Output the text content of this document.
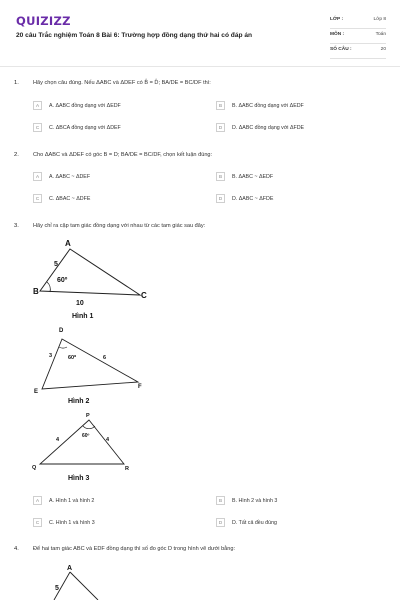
QUIZIZZ
20 câu Trắc nghiệm Toán 8 Bài 6: Trường hợp đồng dạng thứ hai có đáp án
LỚP :	Lớp 8
MÔN :	Toán
SỐ CÂU :	20
1.	Hãy chọn câu đúng. Nếu ΔABC và ΔDEF có B̂ = D̂; BA/DE = BC/DF thì:
A	A. ΔABC đồng dạng với ΔEDF	B	B. ΔABC đồng dạng với ΔEDF
C	C. ΔBCA đồng dạng với ΔDEF	D	D. ΔABC đồng dạng với ΔFDE
2.	Cho ΔABC và ΔDEF có góc B = D; BA/DE = BC/DF, chọn kết luận đúng:
A	A. ΔABC ~ ΔDEF	B	B. ΔABC ~ ΔEDF
C	C. ΔBAC ~ ΔDFE	D	D. ΔABC ~ ΔFDE
3.	Hãy chỉ ra cặp tam giác đồng dạng với nhau từ các tam giác sau đây:
A
B	C
5
10
60º
Hình 1
D
E
F
3	6
60º
Hình 2
P
Q	R
4	4
60º
Hình 3
A	A. Hình 1 và hình 2	B	B. Hình 2 và hình 3
C	C. Hình 1 và hình 3	D	D. Tất cả đều đúng
4.	Để hai tam giác ABC và EDF đồng dạng thì số đo góc D trong hình vẽ dưới bằng:
A
5
